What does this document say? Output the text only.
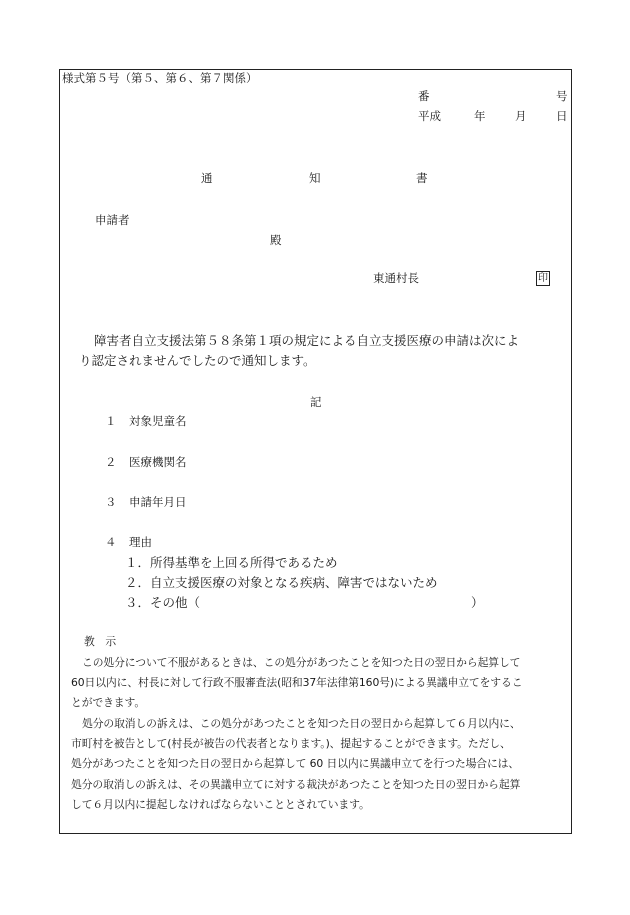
様式第５号（第５、第６、第７関係）
番	号
平成	年	月	日
通	知	書
申請者
殿
東通村長	印
障害者自立支援法第５８条第１項の規定による自立支援医療の申請は次によ
り認定されませんでしたので通知します。
記
１ 対象児童名
２ 医療機関名
３ 申請年月日
４ 理由
１．所得基準を上回る所得であるため
２．自立支援医療の対象となる疾病、障害ではないため
３．その他（	）
教　示
この処分について不服があるときは、この処分があつたことを知つた日の翌日から起算して
60日以内に、村長に対して行政不服審査法(昭和37年法律第160号)による異議申立てをするこ
とができます。
処分の取消しの訴えは、この処分があつたことを知つた日の翌日から起算して６月以内に、
市町村を被告として(村長が被告の代表者となります。)、提起することができます。ただし、
処分があつたことを知つた日の翌日から起算して 60 日以内に異議申立てを行つた場合には、
処分の取消しの訴えは、その異議申立てに対する裁決があつたことを知つた日の翌日から起算
して６月以内に提起しなければならないこととされています。
